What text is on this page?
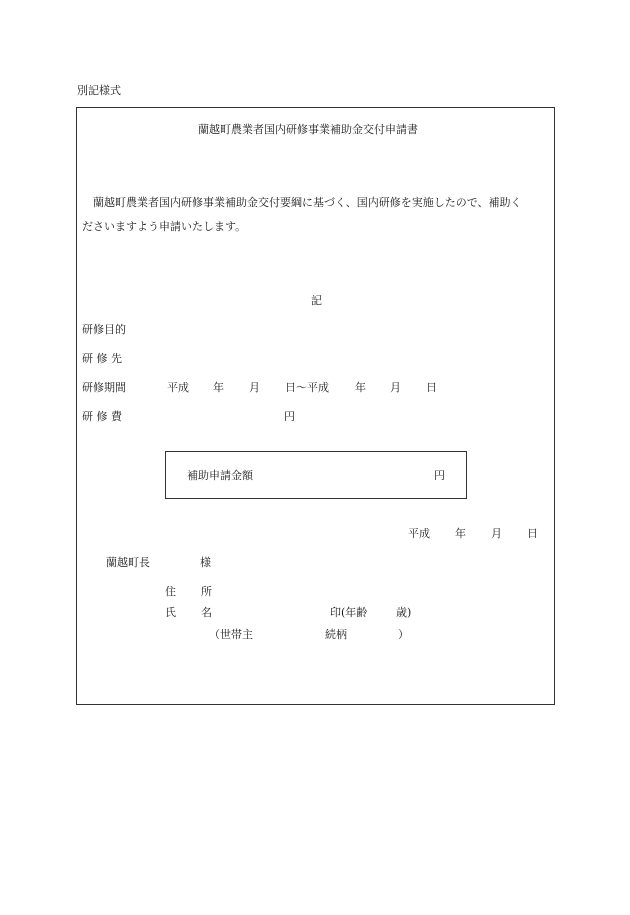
別記様式
蘭越町農業者国内研修事業補助金交付申請書
蘭越町農業者国内研修事業補助金交付要綱に基づく、国内研修を実施したので、補助く
ださいますよう申請いたします。
記
研修目的
研 修 先
研修期間	平成 年 月 日～平成 年 月 日
研 修 費	円
補助申請金額	円
平成 年 月 日
蘭越町長	様
住 所
氏 名	印(年齢	歳)
（世帯主	続柄	）
